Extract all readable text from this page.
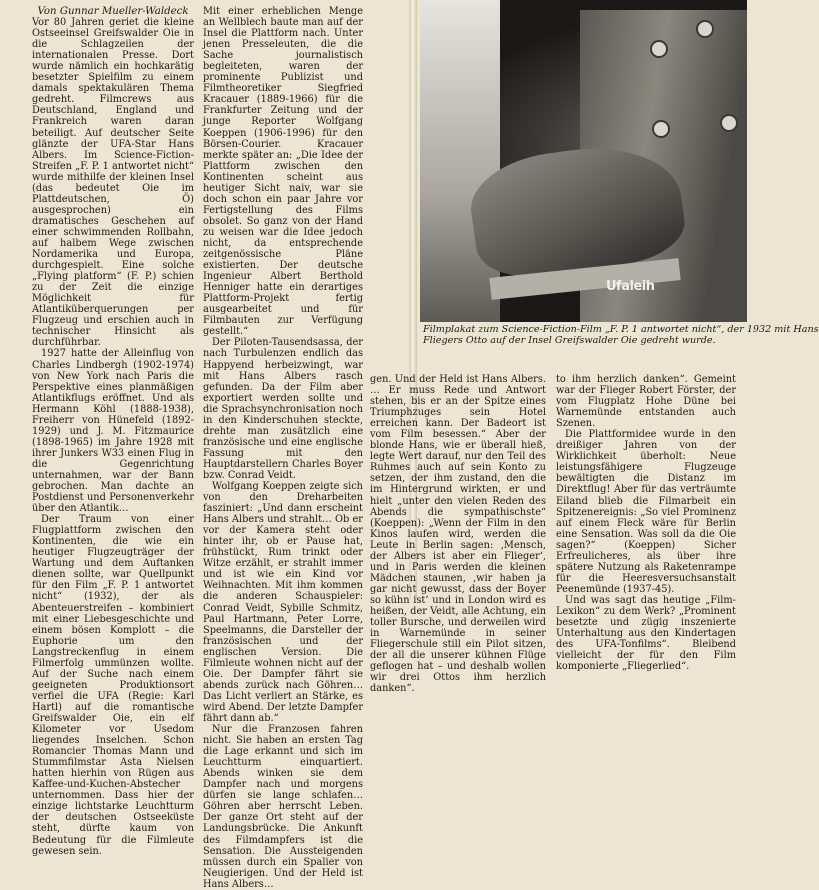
Von Gunnar Mueller-Waldeck

Vor 80 Jahren geriet die kleine Ostseeinsel Greifswalder Oie in die Schlagzeilen der internationalen Presse. Dort wurde nämlich ein hochkarätig besetzter Spielfilm zu einem damals spektakulären Thema gedreht. Filmcrews aus Deutschland, England und Frankreich waren daran beteiligt. Auf deutscher Seite glänzte der UFA-Star Hans Albers. Im Science-Fiction-Streifen „F. P. 1 antwortet nicht“ wurde mithilfe der kleinen Insel (das bedeutet Oie im Plattdeutschen, Ö) ausgesprochen) ein dramatisches Geschehen auf einer schwimmenden Rollbahn, auf halbem Wege zwischen Nordamerika und Europa, durchgespielt. Eine solche „Flying platform“ (F. P.) schien zu der Zeit die einzige Möglichkeit für Atlantiküberquerungen per Flugzeug und erschien auch in technischer Hinsicht als durchführbar.

1927 hatte der Alleinflug von Charles Lindbergh (1902-1974) von New York nach Paris die Perspektive eines planmäßigen Atlantikflugs eröffnet. Und als Hermann Köhl (1888-1938), Freiherr von Hünefeld (1892-1929) und J. M. Fitzmaurice (1898-1965) im Jahre 1928 mit ihrer Junkers W33 einen Flug in die Gegenrichtung unternahmen, war der Bann gebrochen. Man dachte an Postdienst und Personenverkehr über den Atlantik…

Der Traum von einer Flugplattform zwischen den Kontinenten, die wie ein heutiger Flugzeugträger der Wartung und dem Auftanken dienen sollte, war Quellpunkt für den Film „F. P. 1 antwortet nicht“ (1932), der als Abenteuerstreifen – kombiniert mit einer Liebesgeschichte und einem bösen Komplott – die Euphorie um den Langstreckenflug in einem Filmerfolg ummünzen wollte. Auf der Suche nach einem geeigneten Produktionsort verfiel die UFA (Regie: Karl Hartl) auf die romantische Greifswalder Oie, ein elf Kilometer vor Usedom liegendes Inselchen. Schon Romancier Thomas Mann und Stummfilmstar Asta Nielsen hatten hierhin von Rügen aus Kaffee-und-Kuchen-Abstecher unternommen. Dass hier der einzige lichtstarke Leuchtturm der deutschen Ostseeküste steht, dürfte kaum von Bedeutung für die Filmleute gewesen sein.

Mit einer erheblichen Menge an Wellblech baute man auf der Insel die Plattform nach. Unter jenen Presseleuten, die die Sache journalistisch begleiteten, waren der prominente Publizist und Filmtheoretiker Siegfried Kracauer (1889-1966) für die Frankfurter Zeitung und der junge Reporter Wolfgang Koeppen (1906-1996) für den Börsen-Courier. Kracauer merkte später an: „Die Idee der Plattform zwischen den Kontinenten scheint aus heutiger Sicht naiv, war sie doch schon ein paar Jahre vor Fertigstellung des Films obsolet. So ganz von der Hand zu weisen war die Idee jedoch nicht, da entsprechende zeitgenössische Pläne existierten. Der deutsche Ingenieur Albert Berthold Henniger hatte ein derartiges Plattform-Projekt fertig ausgearbeitet und für Filmbauten zur Verfügung gestellt.“

Der Piloten-Tausendsassa, der nach Turbulenzen endlich das Happyend herbeizwingt, war mit Hans Albers rasch gefunden. Da der Film aber exportiert werden sollte und die Sprachsynchronisation noch in den Kinderschuhen steckte, drehte man zusätzlich eine französische und eine englische Fassung mit den Hauptdarstellern Charles Boyer bzw. Conrad Veidt.

Wolfgang Koeppen zeigte sich von den Dreharbeiten fasziniert: „Und dann erscheint Hans Albers und strahlt… Ob er vor der Kamera steht oder hinter ihr, ob er Pause hat, frühstückt, Rum trinkt oder Witze erzählt, er strahlt immer und ist wie ein Kind vor Weihnachten. Mit ihm kommen die anderen Schauspieler: Conrad Veidt, Sybille Schmitz, Paul Hartmann, Peter Lorre, Speelmanns, die Darsteller der französischen und der englischen Version. Die Filmleute wohnen nicht auf der Oie. Der Dampfer fährt sie abends zurück nach Göhren… Das Licht verliert an Stärke, es wird Abend. Der letzte Dampfer fährt dann ab.“

Nur die Franzosen fahren nicht. Sie haben an ersten Tag die Lage erkannt und sich im Leuchtturm einquartiert. Abends winken sie dem Dampfer nach und morgens dürfen sie lange schlafen… Göhren aber herrscht Leben. Der ganze Ort steht auf der Landungsbrücke. Die Ankunft des Filmdampfers ist die Sensation. Die Aussteigenden müssen durch ein Spalier von Neugierigen. Und der Held ist Hans Albers…

Ufaleih
Filmplakat zum Science-Fiction-Film „F. P. 1 antwortet nicht“, der 1932 mit Hans
Fliegers Otto auf der Insel Greifswalder Oie gedreht wurde.

gen. Und der Held ist Hans Albers. … Er muss Rede und Antwort stehen, bis er an der Spitze eines Triumphzuges sein Hotel erreichen kann. Der Badeort ist vom Film besessen.“ Aber der blonde Hans, wie er überall hieß, legte Wert darauf, nur den Teil des Ruhmes auch auf sein Konto zu setzen, der ihm zustand, den die im Hintergrund wirkten, er und hielt „unter den vielen Reden des Abends die sympathischste“ (Koeppen): „Wenn der Film in den Kinos laufen wird, werden die Leute in Berlin sagen: ‚Mensch, der Albers ist aber ein Flieger‘, und in Paris werden die kleinen Mädchen staunen, ‚wir haben ja gar nicht gewusst, dass der Boyer so kühn ist‘ und in London wird es heißen, der Veidt, alle Achtung, ein toller Bursche, und derweilen wird in Warnemünde in seiner Fliegerschule still ein Pilot sitzen, der all die unserer kühnen Flüge geflogen hat – und deshalb wollen wir drei Ottos ihm herzlich danken“.

to ihm herzlich danken“. Gemeint war der Flieger Robert Förster, der vom Flugplatz Hohe Düne bei Warnemünde entstanden auch Szenen.

Die Plattformidee wurde in den dreißiger Jahren von der Wirklichkeit überholt: Neue leistungsfähigere Flugzeuge bewältigten die Distanz im Direktflug! Aber für das verträumte Eiland blieb die Filmarbeit ein Spitzenereignis: „So viel Prominenz auf einem Fleck wäre für Berlin eine Sensation. Was soll da die Oie sagen?“ (Koeppen) Sicher Erfreulicheres, als über ihre spätere Nutzung als Raketenrampe für die Heeresversuchsanstalt Peenemünde (1937-45).

Und was sagt das heutige „Film-Lexikon“ zu dem Werk? „Prominent besetzte und zügig inszenierte Unterhaltung aus den Kindertagen des UFA-Tonfilms“. Bleibend vielleicht der für den Film komponierte „Fliegerlied“.
